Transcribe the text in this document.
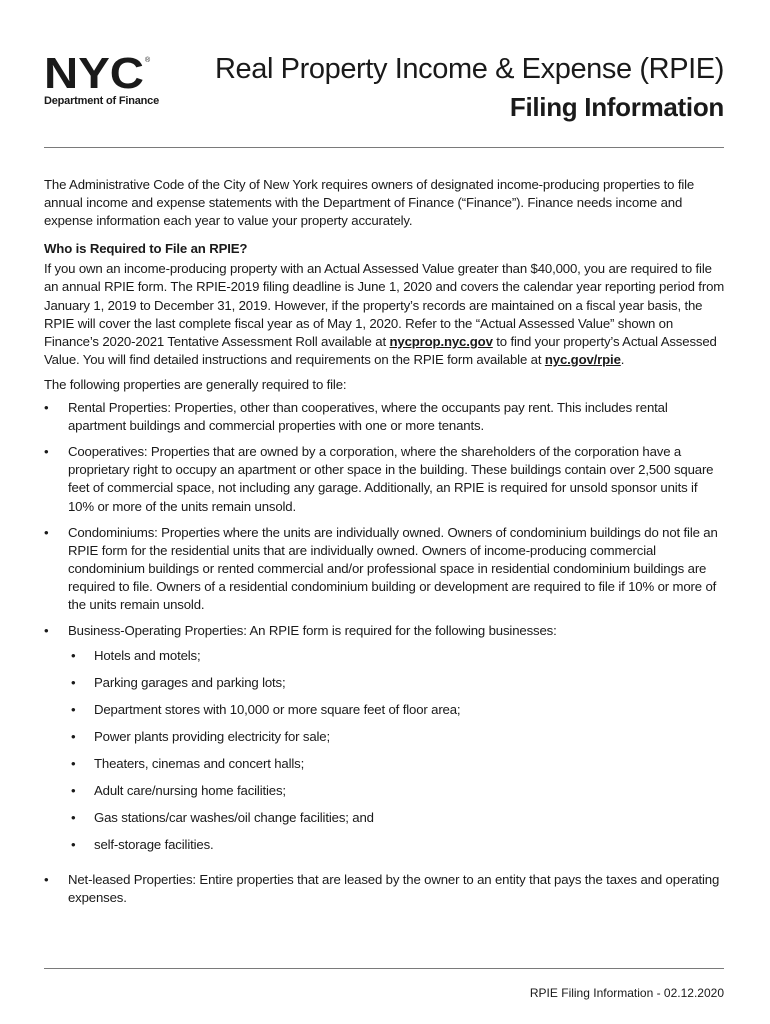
NYC ®
Department of Finance
Real Property Income & Expense (RPIE)
Filing Information

The Administrative Code of the City of New York requires owners of designated income-producing properties to file annual income and expense statements with the Department of Finance (“Finance”). Finance needs income and expense information each year to value your property accurately.

Who is Required to File an RPIE?

If you own an income-producing property with an Actual Assessed Value greater than $40,000, you are required to file an annual RPIE form. The RPIE-2019 filing deadline is June 1, 2020 and covers the calendar year reporting period from January 1, 2019 to December 31, 2019. However, if the property’s records are maintained on a fiscal year basis, the RPIE will cover the last complete fiscal year as of May 1, 2020. Refer to the “Actual Assessed Value” shown on Finance’s 2020-2021 Tentative Assessment Roll available at nycprop.nyc.gov to find your property’s Actual Assessed Value. You will find detailed instructions and requirements on the RPIE form available at nyc.gov/rpie.

The following properties are generally required to file:

• Rental Properties: Properties, other than cooperatives, where the occupants pay rent. This includes rental apartment buildings and commercial properties with one or more tenants.
• Cooperatives: Properties that are owned by a corporation, where the shareholders of the corporation have a proprietary right to occupy an apartment or other space in the building. These buildings contain over 2,500 square feet of commercial space, not including any garage. Additionally, an RPIE is required for unsold sponsor units if 10% or more of the units remain unsold.
• Condominiums: Properties where the units are individually owned. Owners of condominium buildings do not file an RPIE form for the residential units that are individually owned. Owners of income-producing commercial condominium buildings or rented commercial and/or professional space in residential condominium buildings are required to file. Owners of a residential condominium building or development are required to file if 10% or more of the units remain unsold.
• Business-Operating Properties: An RPIE form is required for the following businesses:
• Hotels and motels;
• Parking garages and parking lots;
• Department stores with 10,000 or more square feet of floor area;
• Power plants providing electricity for sale;
• Theaters, cinemas and concert halls;
• Adult care/nursing home facilities;
• Gas stations/car washes/oil change facilities; and
• self-storage facilities.
• Net-leased Properties: Entire properties that are leased by the owner to an entity that pays the taxes and operating expenses.
RPIE Filing Information - 02.12.2020
